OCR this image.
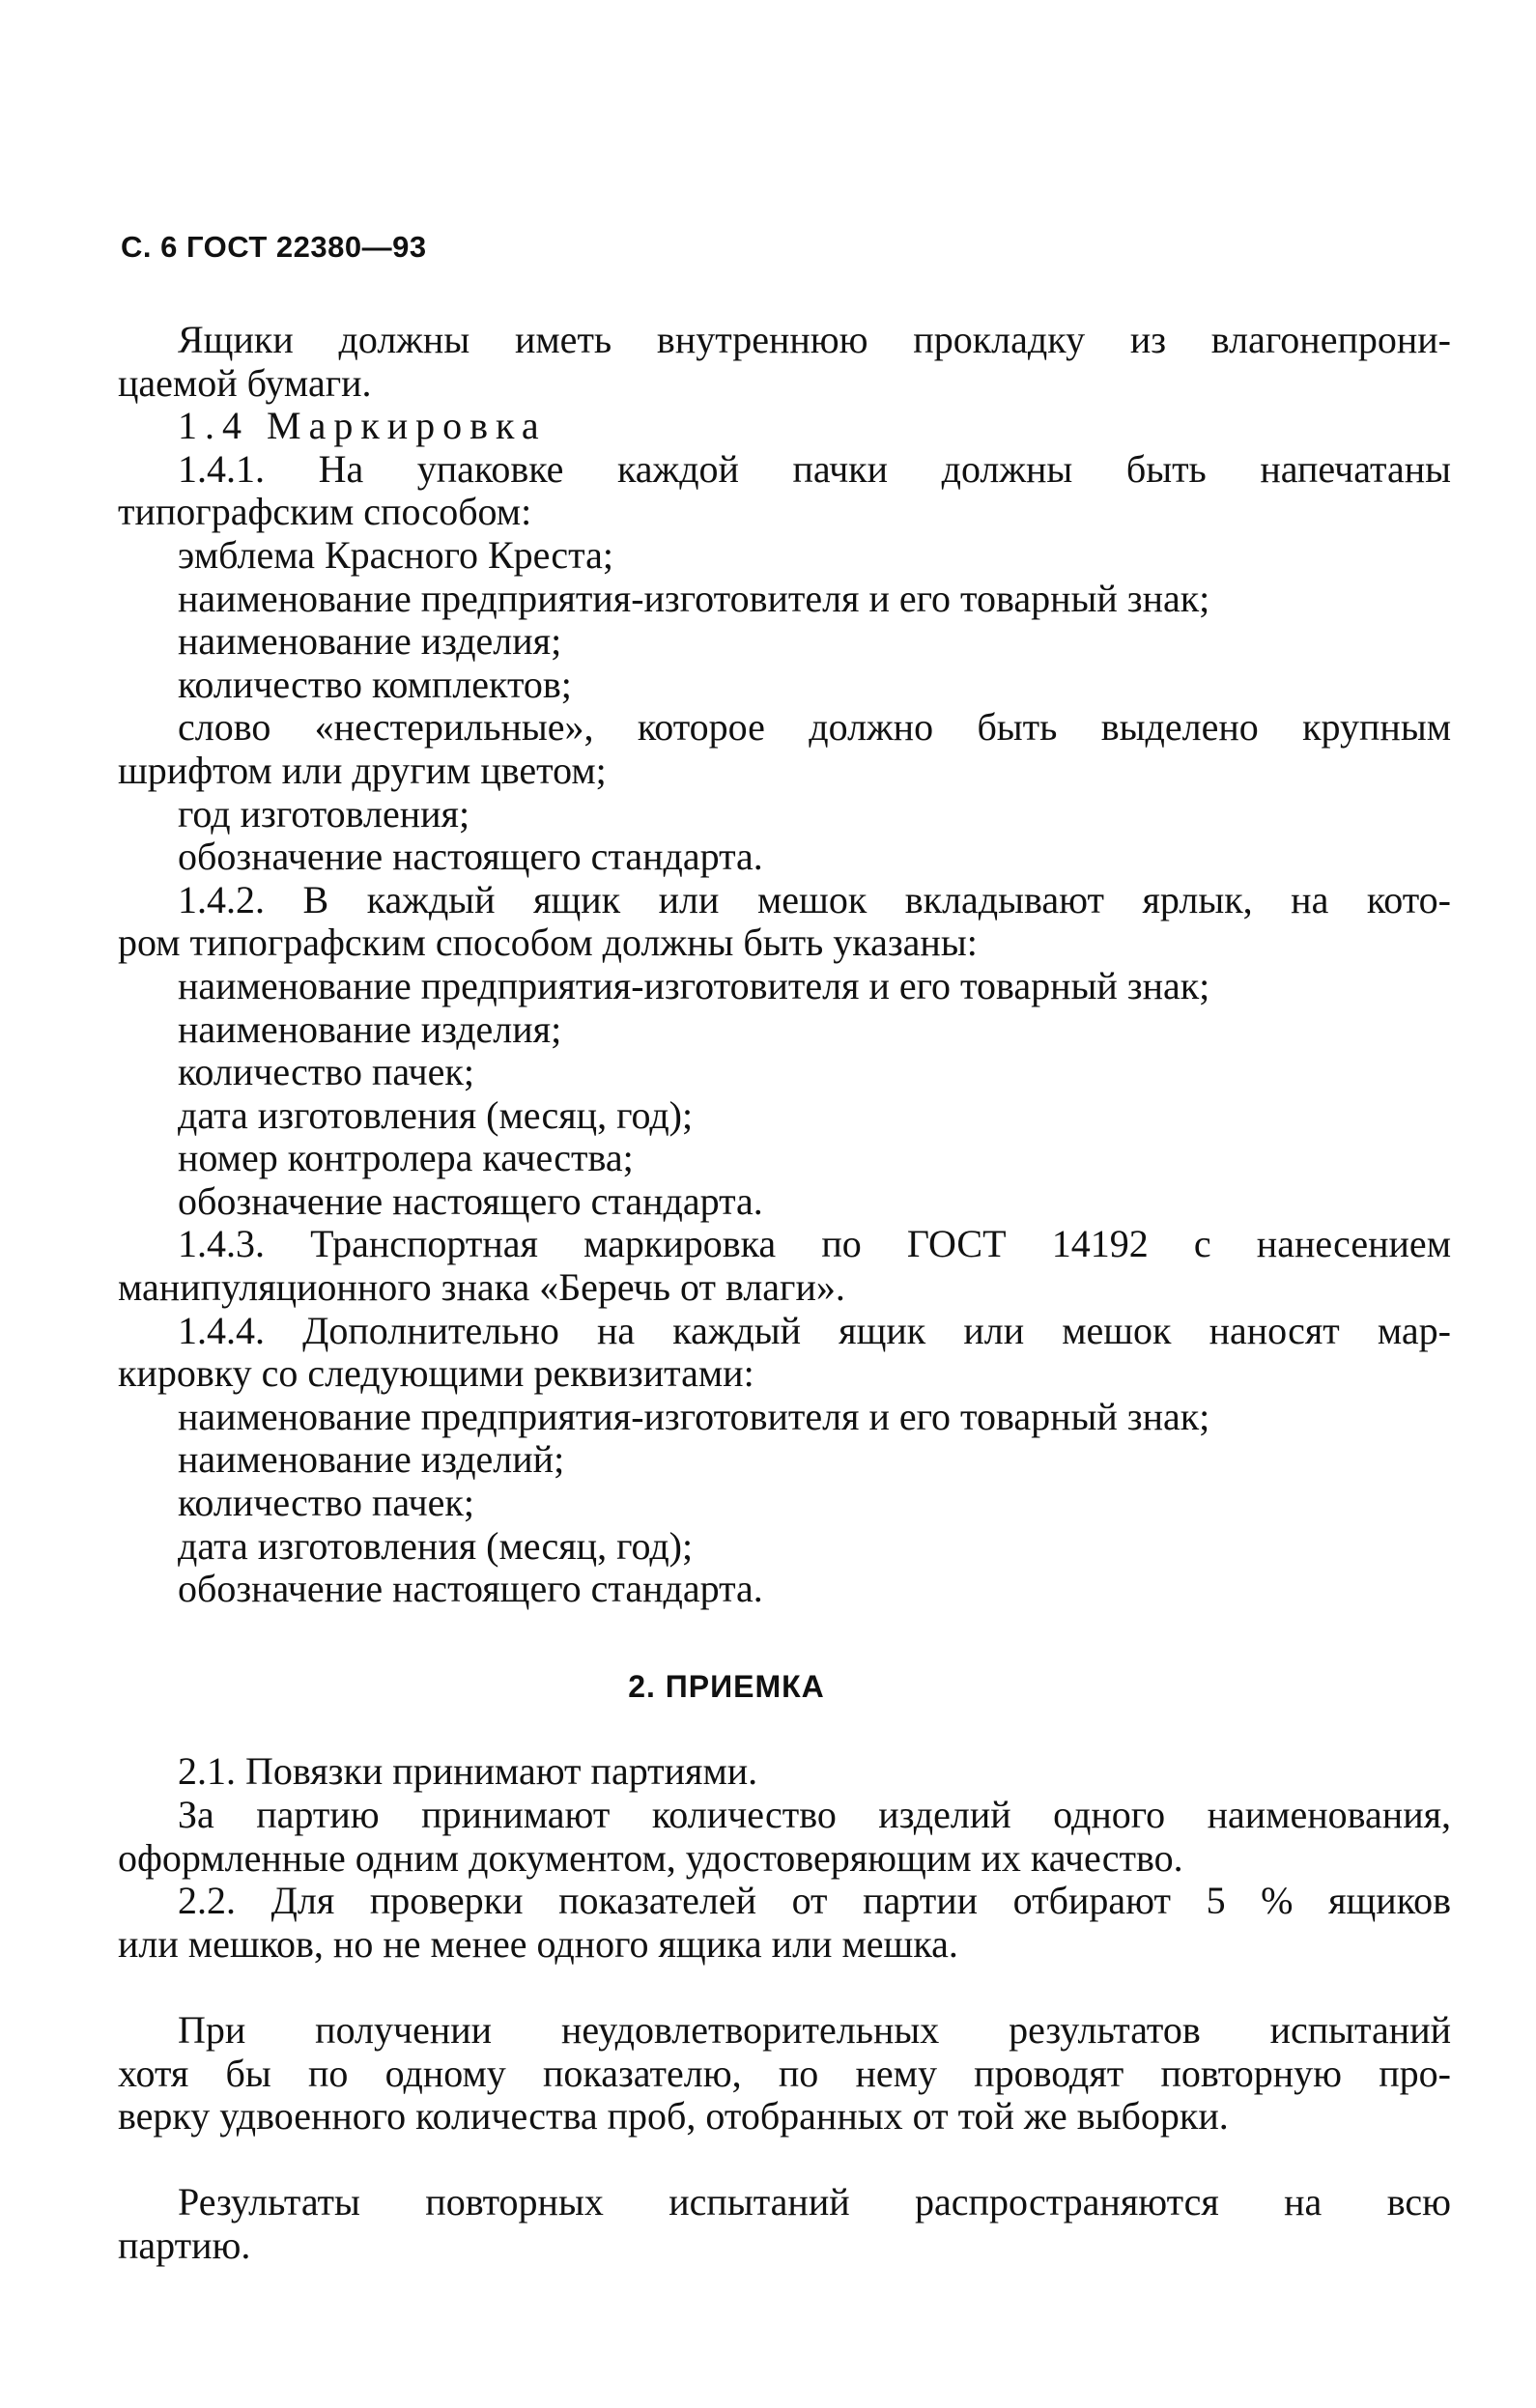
С. 6 ГОСТ 22380—93
Ящики должны иметь внутреннюю прокладку из влагонепрони-
цаемой бумаги.
1.4 Маркировка
1.4.1. На упаковке каждой пачки должны быть напечатаны
типографским способом:
эмблема Красного Креста;
наименование предприятия-изготовителя и его товарный знак;
наименование изделия;
количество комплектов;
слово «нестерильные», которое должно быть выделено крупным
шрифтом или другим цветом;
год изготовления;
обозначение настоящего стандарта.
1.4.2. В каждый ящик или мешок вкладывают ярлык, на кото-
ром типографским способом должны быть указаны:
наименование предприятия-изготовителя и его товарный знак;
наименование изделия;
количество пачек;
дата изготовления (месяц, год);
номер контролера качества;
обозначение настоящего стандарта.
1.4.3. Транспортная маркировка по ГОСТ 14192 с нанесением
манипуляционного знака «Беречь от влаги».
1.4.4. Дополнительно на каждый ящик или мешок наносят мар-
кировку со следующими реквизитами:
наименование предприятия-изготовителя и его товарный знак;
наименование изделий;
количество пачек;
дата изготовления (месяц, год);
обозначение настоящего стандарта.
2. ПРИЕМКА
2.1. Повязки принимают партиями.
За партию принимают количество изделий одного наименования,
оформленные одним документом, удостоверяющим их качество.
2.2. Для проверки показателей от партии отбирают 5 % ящиков
или мешков, но не менее одного ящика или мешка.
При получении неудовлетворительных результатов испытаний
хотя бы по одному показателю, по нему проводят повторную про-
верку удвоенного количества проб, отобранных от той же выборки.
Результаты повторных испытаний распространяются на всю
партию.
